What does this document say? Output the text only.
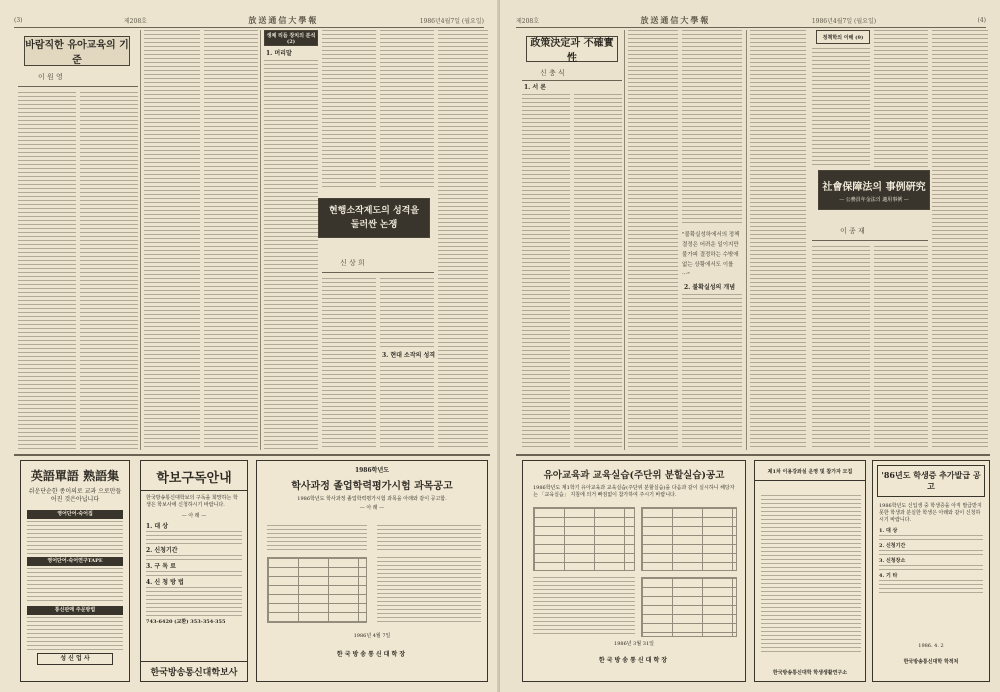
(3)	제208호	放送通信大學報	1986년4월7일 (월요일)
바람직한 유아교육의 기준
이 원 영
생체 리듬 장치의 분석 (2)
1. 머리말
현행소작제도의 성격을 둘러싼 논쟁
신 상 희
3. 현대 소작의 성격
英語單語 熟語集
쉬운단순한 종이의로 교과 으로만들어진 것은아닙니다
영어단어·숙어집
영어단어·숙어연구TAPE
통신판매 주문방법
성 신 업 사
학보구독안내
한국방송통신대학보의 구독을 희망하는 학생은 학보사에 신청하시기 바랍니다.
— 아 래 —
1. 대 상
2. 신청기간
3. 구 독 료
4. 신 청 방 법
743-6420 (교환) 353-354·355
한국방송통신대학보사
1986학년도
학사과정 졸업학력평가시험 과목공고
1986학년도 학사과정 졸업학력평가시험 과목을 아래와 같이 공고함.
— 아 래 —
1986년 4월 7일
한국방송통신대학장
제208호	放送通信大學報	1986년4월7일 (월요일)	(4)
政策決定과 不確實性
신 충 식
1. 서 론
"불확실성하에서의 정책결정은 어려운 일이지만 불가피 결정하는 수밖에 없는 상황에서도 이를 ···"
2. 불확실성의 개념
정책학의 이해 (9)
社會保障法의 事例硏究
— 公務員年金法의 適用事例 —
이 종 재
유아교육과 교육실습(주단위 분할실습)공고
1986학년도 제1학기 유아교육과 교육실습(주단위 분할실습)을 다음과 같이 실시하니 해당자는 「교육실습」 지침에 의거 빠짐없이 참가하여 주시기 바랍니다.
1986년 3월 31일
한국방송통신대학장
제1차 이용강좌실 운영 및 참가자 모집
한국방송통신대학 학생생활연구소
'86년도 학생증 추가발급 공고
1986학년도 신입생 중 학생증을 아직 발급받지 못한 학생과 분실한 학생은 아래와 같이 신청하시기 바랍니다.
1. 대 상
2. 신청기간
3. 신청장소
4. 기 타
1986. 4. 2
한국방송통신대학 학적처
